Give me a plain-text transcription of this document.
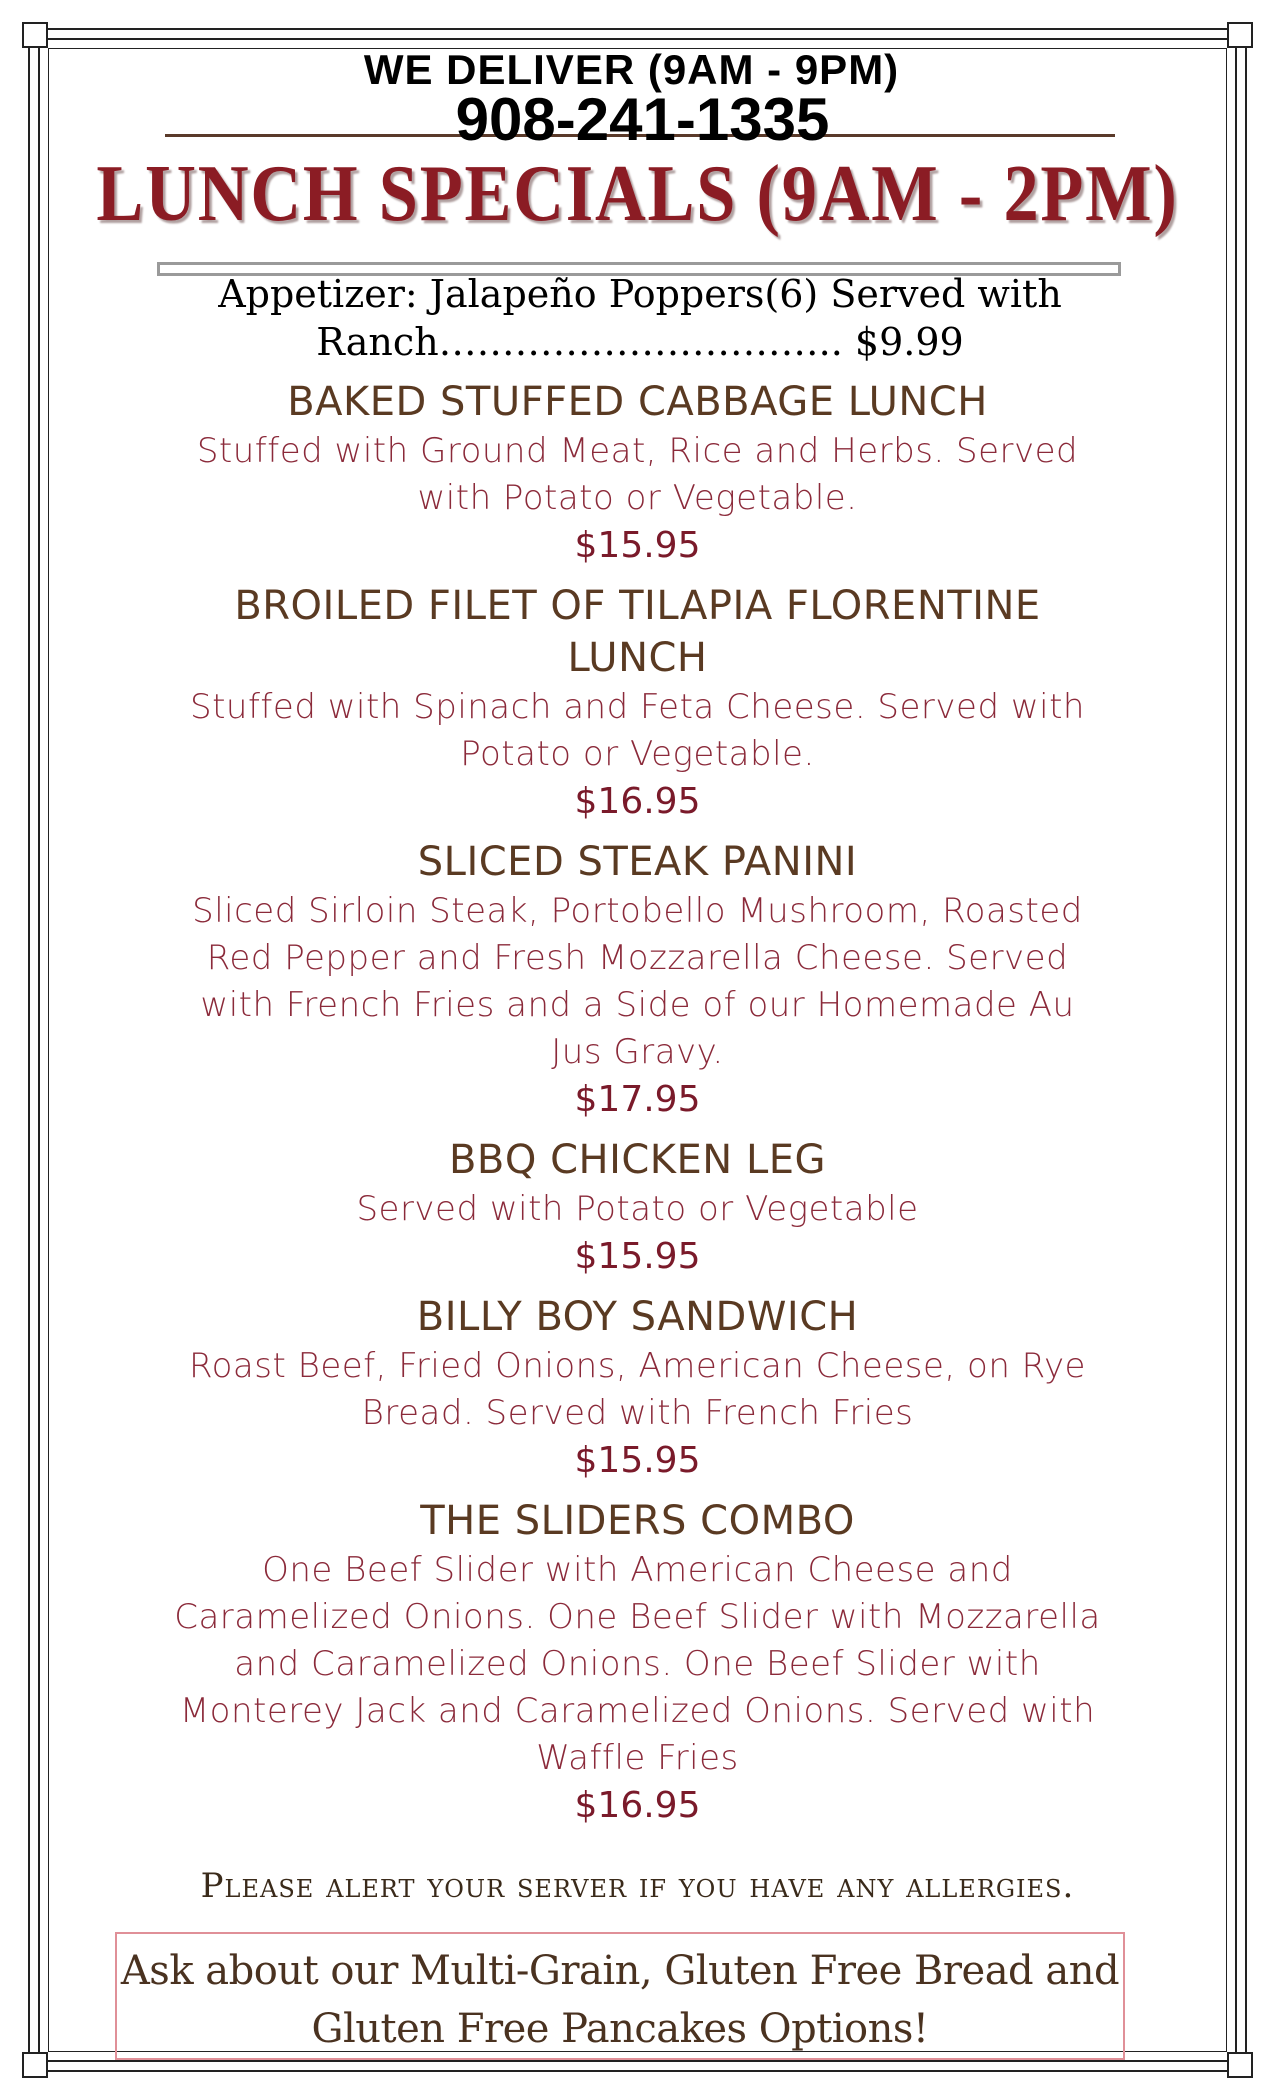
WE DELIVER (9AM - 9PM)
908-241-1335
LUNCH SPECIALS (9AM - 2PM)
Appetizer: Jalapeño Poppers(6) Served with Ranch………………………….. $9.99
BAKED STUFFED CABBAGE LUNCH
Stuffed with Ground Meat, Rice and Herbs. Served with Potato or Vegetable.
$15.95
BROILED FILET OF TILAPIA FLORENTINE LUNCH
Stuffed with Spinach and Feta Cheese. Served with Potato or Vegetable.
$16.95
SLICED STEAK PANINI
Sliced Sirloin Steak, Portobello Mushroom, Roasted Red Pepper and Fresh Mozzarella Cheese. Served with French Fries and a Side of our Homemade Au Jus Gravy.
$17.95
BBQ CHICKEN LEG
Served with Potato or Vegetable
$15.95
BILLY BOY SANDWICH
Roast Beef, Fried Onions, American Cheese, on Rye Bread. Served with French Fries
$15.95
THE SLIDERS COMBO
One Beef Slider with American Cheese and Caramelized Onions. One Beef Slider with Mozzarella and Caramelized Onions. One Beef Slider with Monterey Jack and Caramelized Onions. Served with Waffle Fries
$16.95
Please alert your server if you have any allergies.
Ask about our Multi-Grain, Gluten Free Bread and Gluten Free Pancakes Options!
